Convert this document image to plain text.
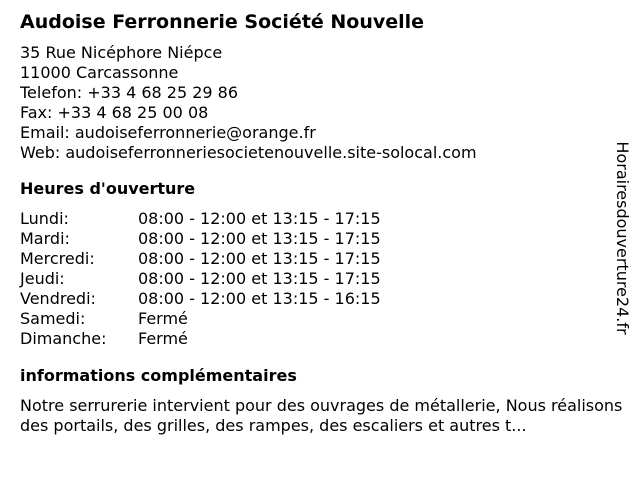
Audoise Ferronnerie Société Nouvelle
35 Rue Nicéphore Niépce
11000 Carcassonne
Telefon: +33 4 68 25 29 86
Fax: +33 4 68 25 00 08
Email: audoiseferronnerie@orange.fr
Web: audoiseferronneriesocietenouvelle.site-solocal.com
Heures d'ouverture
Lundi:	08:00 - 12:00 et 13:15 - 17:15
Mardi:	08:00 - 12:00 et 13:15 - 17:15
Mercredi:	08:00 - 12:00 et 13:15 - 17:15
Jeudi:	08:00 - 12:00 et 13:15 - 17:15
Vendredi:	08:00 - 12:00 et 13:15 - 16:15
Samedi:	Fermé
Dimanche:	Fermé
informations complémentaires
Notre serrurerie intervient pour des ouvrages de métallerie, Nous réalisons des portails, des grilles, des rampes, des escaliers et autres t...
Horairesdouverture24.fr
